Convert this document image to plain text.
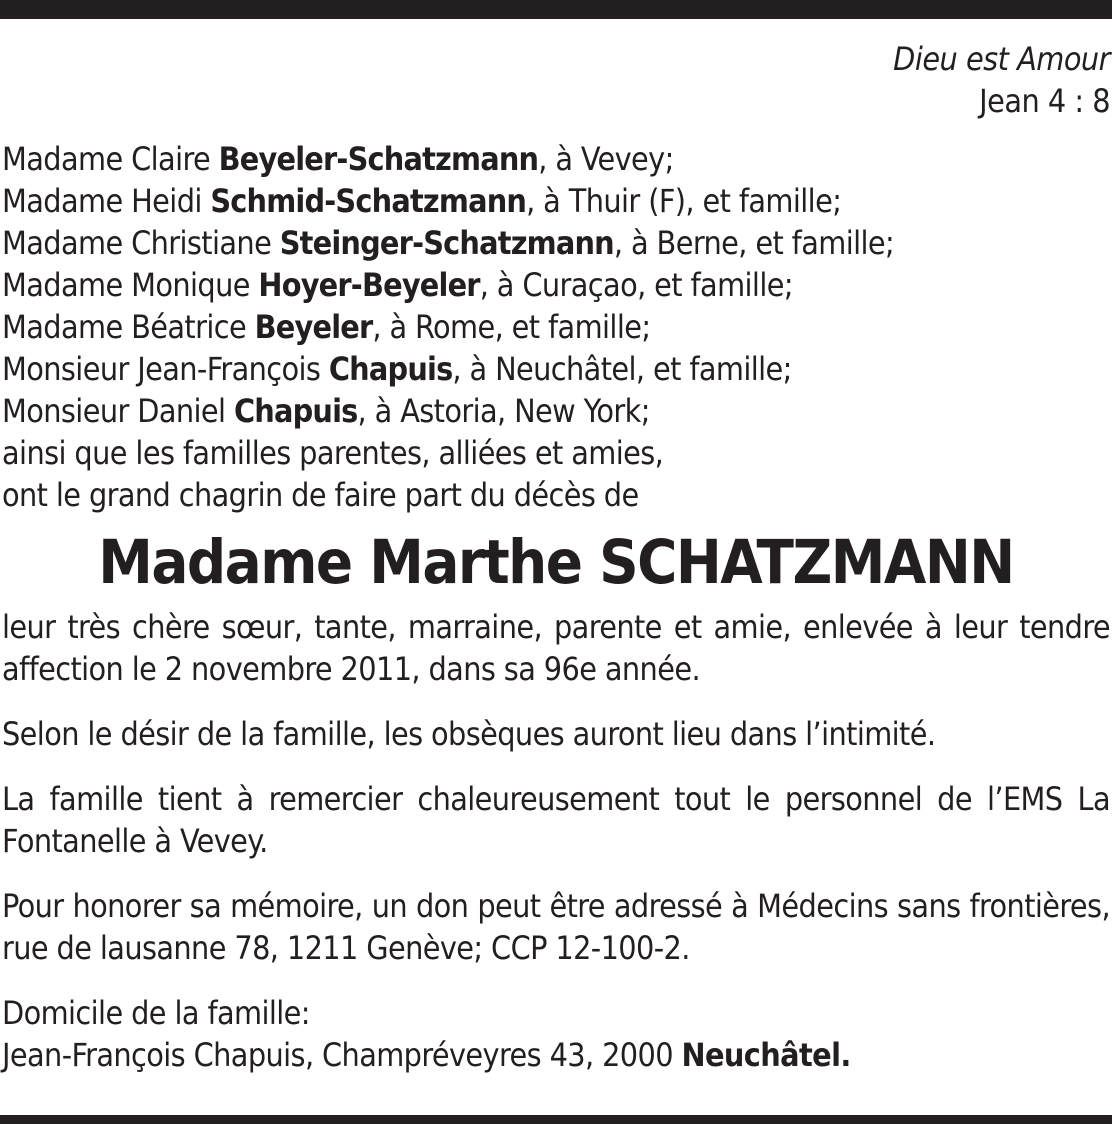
Dieu est Amour
Jean 4 : 8
Madame Claire Beyeler-Schatzmann, à Vevey;
Madame Heidi Schmid-Schatzmann, à Thuir (F), et famille;
Madame Christiane Steinger-Schatzmann, à Berne, et famille;
Madame Monique Hoyer-Beyeler, à Curaçao, et famille;
Madame Béatrice Beyeler, à Rome, et famille;
Monsieur Jean-François Chapuis, à Neuchâtel, et famille;
Monsieur Daniel Chapuis, à Astoria, New York;
ainsi que les familles parentes, alliées et amies,
ont le grand chagrin de faire part du décès de
Madame Marthe SCHATZMANN
leur très chère sœur, tante, marraine, parente et amie, enlevée à leur tendre affection le 2 novembre 2011, dans sa 96e année.
Selon le désir de la famille, les obsèques auront lieu dans l’intimité.
La famille tient à remercier chaleureusement tout le personnel de l’EMS La Fontanelle à Vevey.
Pour honorer sa mémoire, un don peut être adressé à Médecins sans frontières, rue de lausanne 78, 1211 Genève; CCP 12-100-2.
Domicile de la famille:
Jean-François Chapuis, Champréveyres 43, 2000 Neuchâtel.
